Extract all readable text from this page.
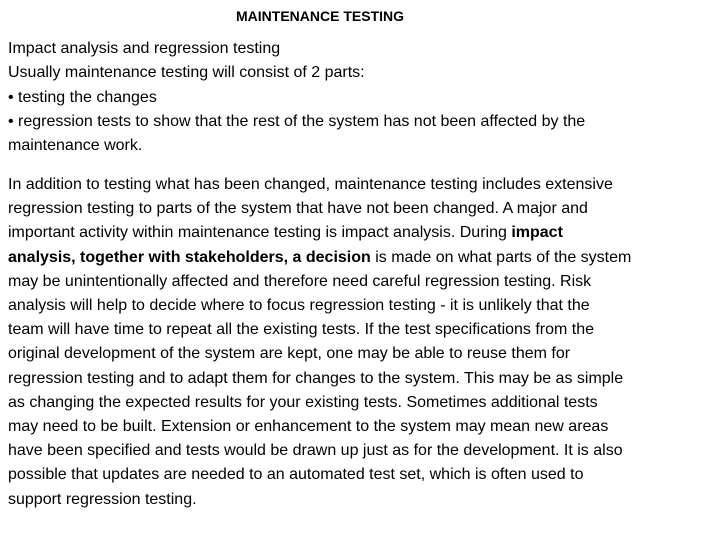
MAINTENANCE TESTING

Impact analysis and regression testing
Usually maintenance testing will consist of 2 parts:
• testing the changes
• regression tests to show that the rest of the system has not been affected by the
maintenance work.

In addition to testing what has been changed, maintenance testing includes extensive
regression testing to parts of the system that have not been changed. A major and
important activity within maintenance testing is impact analysis. During impact
analysis, together with stakeholders, a decision is made on what parts of the system
may be unintentionally affected and therefore need careful regression testing. Risk
analysis will help to decide where to focus regression testing - it is unlikely that the
team will have time to repeat all the existing tests. If the test specifications from the
original development of the system are kept, one may be able to reuse them for
regression testing and to adapt them for changes to the system. This may be as simple
as changing the expected results for your existing tests. Sometimes additional tests
may need to be built. Extension or enhancement to the system may mean new areas
have been specified and tests would be drawn up just as for the development. It is also
possible that updates are needed to an automated test set, which is often used to
support regression testing.
